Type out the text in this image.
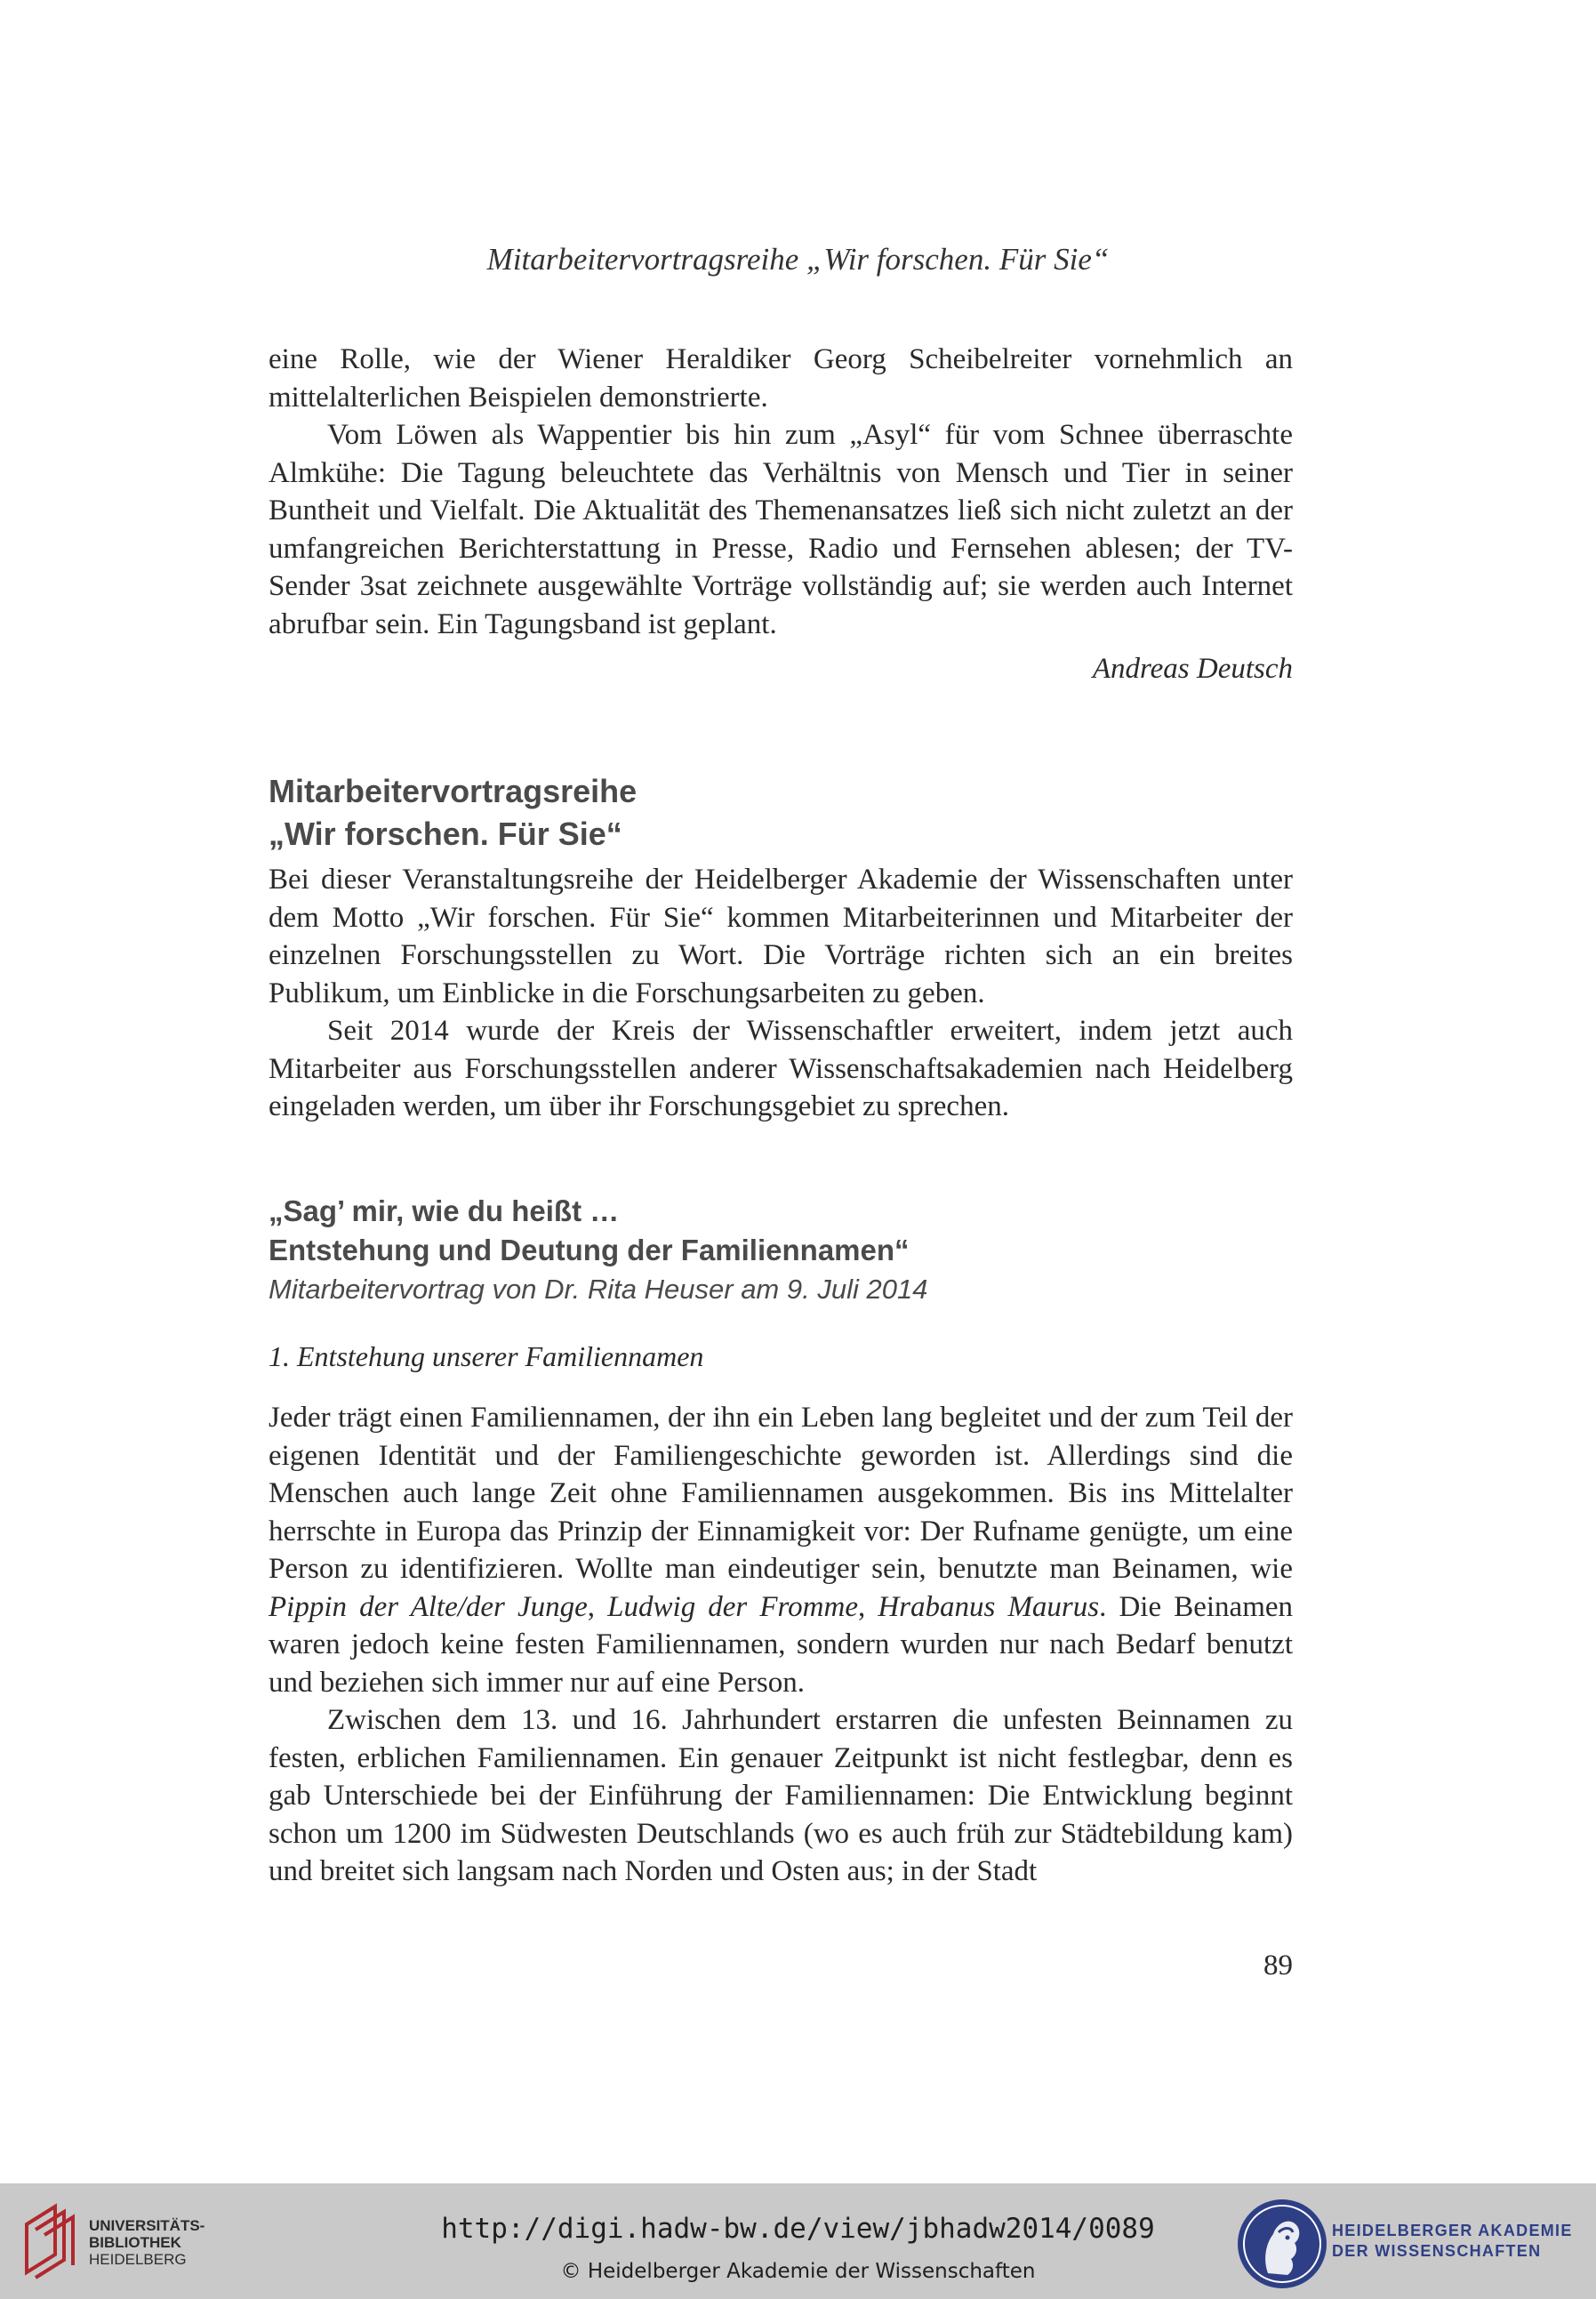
Mitarbeitervortragsreihe „Wir forschen. Für Sie“

eine Rolle, wie der Wiener Heraldiker Georg Scheibelreiter vornehmlich an mittelalterlichen Beispielen demonstrierte.

Vom Löwen als Wappentier bis hin zum „Asyl“ für vom Schnee überraschte Almkühe: Die Tagung beleuchtete das Verhältnis von Mensch und Tier in seiner Buntheit und Vielfalt. Die Aktualität des Themenansatzes ließ sich nicht zuletzt an der umfangreichen Berichterstattung in Presse, Radio und Fernsehen ablesen; der TV-Sender 3sat zeichnete ausgewählte Vorträge vollständig auf; sie werden auch Internet abrufbar sein. Ein Tagungsband ist geplant.

Andreas Deutsch

Mitarbeitervortragsreihe
„Wir forschen. Für Sie“

Bei dieser Veranstaltungsreihe der Heidelberger Akademie der Wissenschaften unter dem Motto „Wir forschen. Für Sie“ kommen Mitarbeiterinnen und Mitarbeiter der einzelnen Forschungsstellen zu Wort. Die Vorträge richten sich an ein breites Publikum, um Einblicke in die Forschungsarbeiten zu geben.

Seit 2014 wurde der Kreis der Wissenschaftler erweitert, indem jetzt auch Mitarbeiter aus Forschungsstellen anderer Wissenschaftsakademien nach Heidelberg eingeladen werden, um über ihr Forschungsgebiet zu sprechen.

„Sag’ mir, wie du heißt …
Entstehung und Deutung der Familiennamen“

Mitarbeitervortrag von Dr. Rita Heuser am 9. Juli 2014

1. Entstehung unserer Familiennamen

Jeder trägt einen Familiennamen, der ihn ein Leben lang begleitet und der zum Teil der eigenen Identität und der Familiengeschichte geworden ist. Allerdings sind die Menschen auch lange Zeit ohne Familiennamen ausgekommen. Bis ins Mittelalter herrschte in Europa das Prinzip der Einnamigkeit vor: Der Rufname genügte, um eine Person zu identifizieren. Wollte man eindeutiger sein, benutzte man Beinamen, wie Pippin der Alte/der Junge, Ludwig der Fromme, Hrabanus Maurus. Die Beinamen waren jedoch keine festen Familiennamen, sondern wurden nur nach Bedarf benutzt und beziehen sich immer nur auf eine Person.

Zwischen dem 13. und 16. Jahrhundert erstarren die unfesten Beinnamen zu festen, erblichen Familiennamen. Ein genauer Zeitpunkt ist nicht festlegbar, denn es gab Unterschiede bei der Einführung der Familiennamen: Die Entwicklung beginnt schon um 1200 im Südwesten Deutschlands (wo es auch früh zur Städtebildung kam) und breitet sich langsam nach Norden und Osten aus; in der Stadt

89
UNIVERSITÄTS-
BIBLIOTHEK
HEIDELBERG
http://digi.hadw-bw.de/view/jbhadw2014/0089
© Heidelberger Akademie der Wissenschaften
HEIDELBERGER AKADEMIE
DER WISSENSCHAFTEN
